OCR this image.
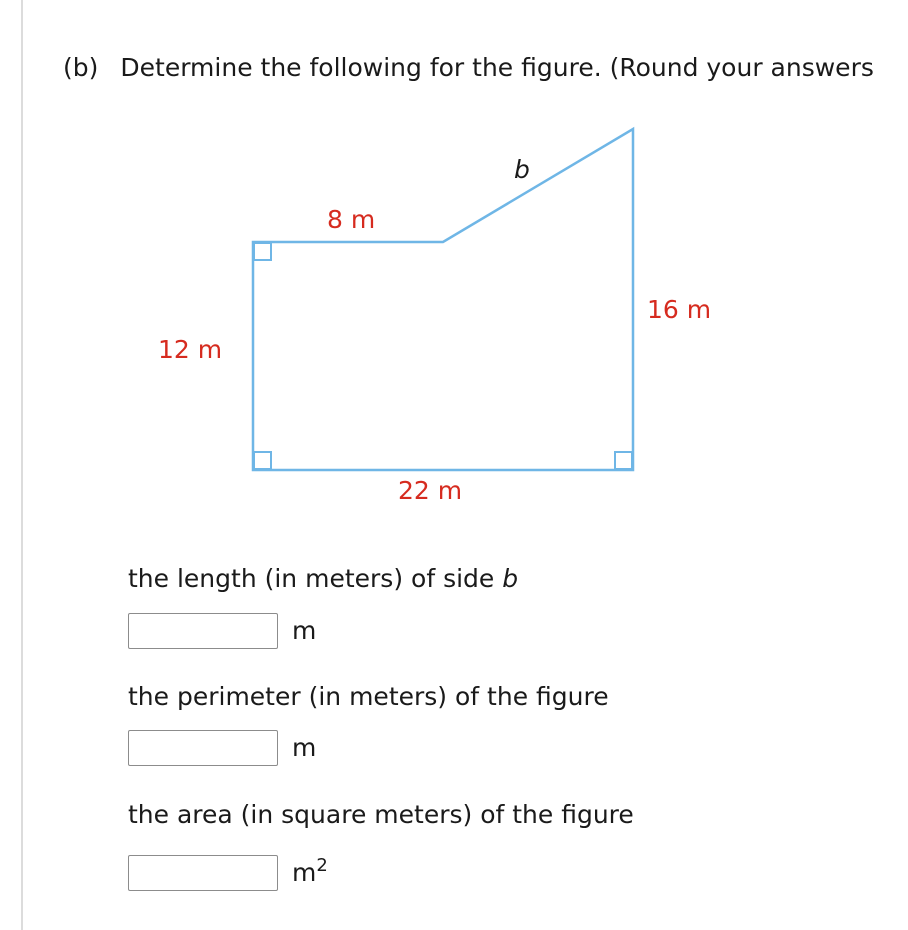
(b) Determine the following for the figure. (Round your answers
8 m
b
16 m
12 m
22 m
the length (in meters) of side b
m
the perimeter (in meters) of the figure
m
the area (in square meters) of the figure
$m^2$
